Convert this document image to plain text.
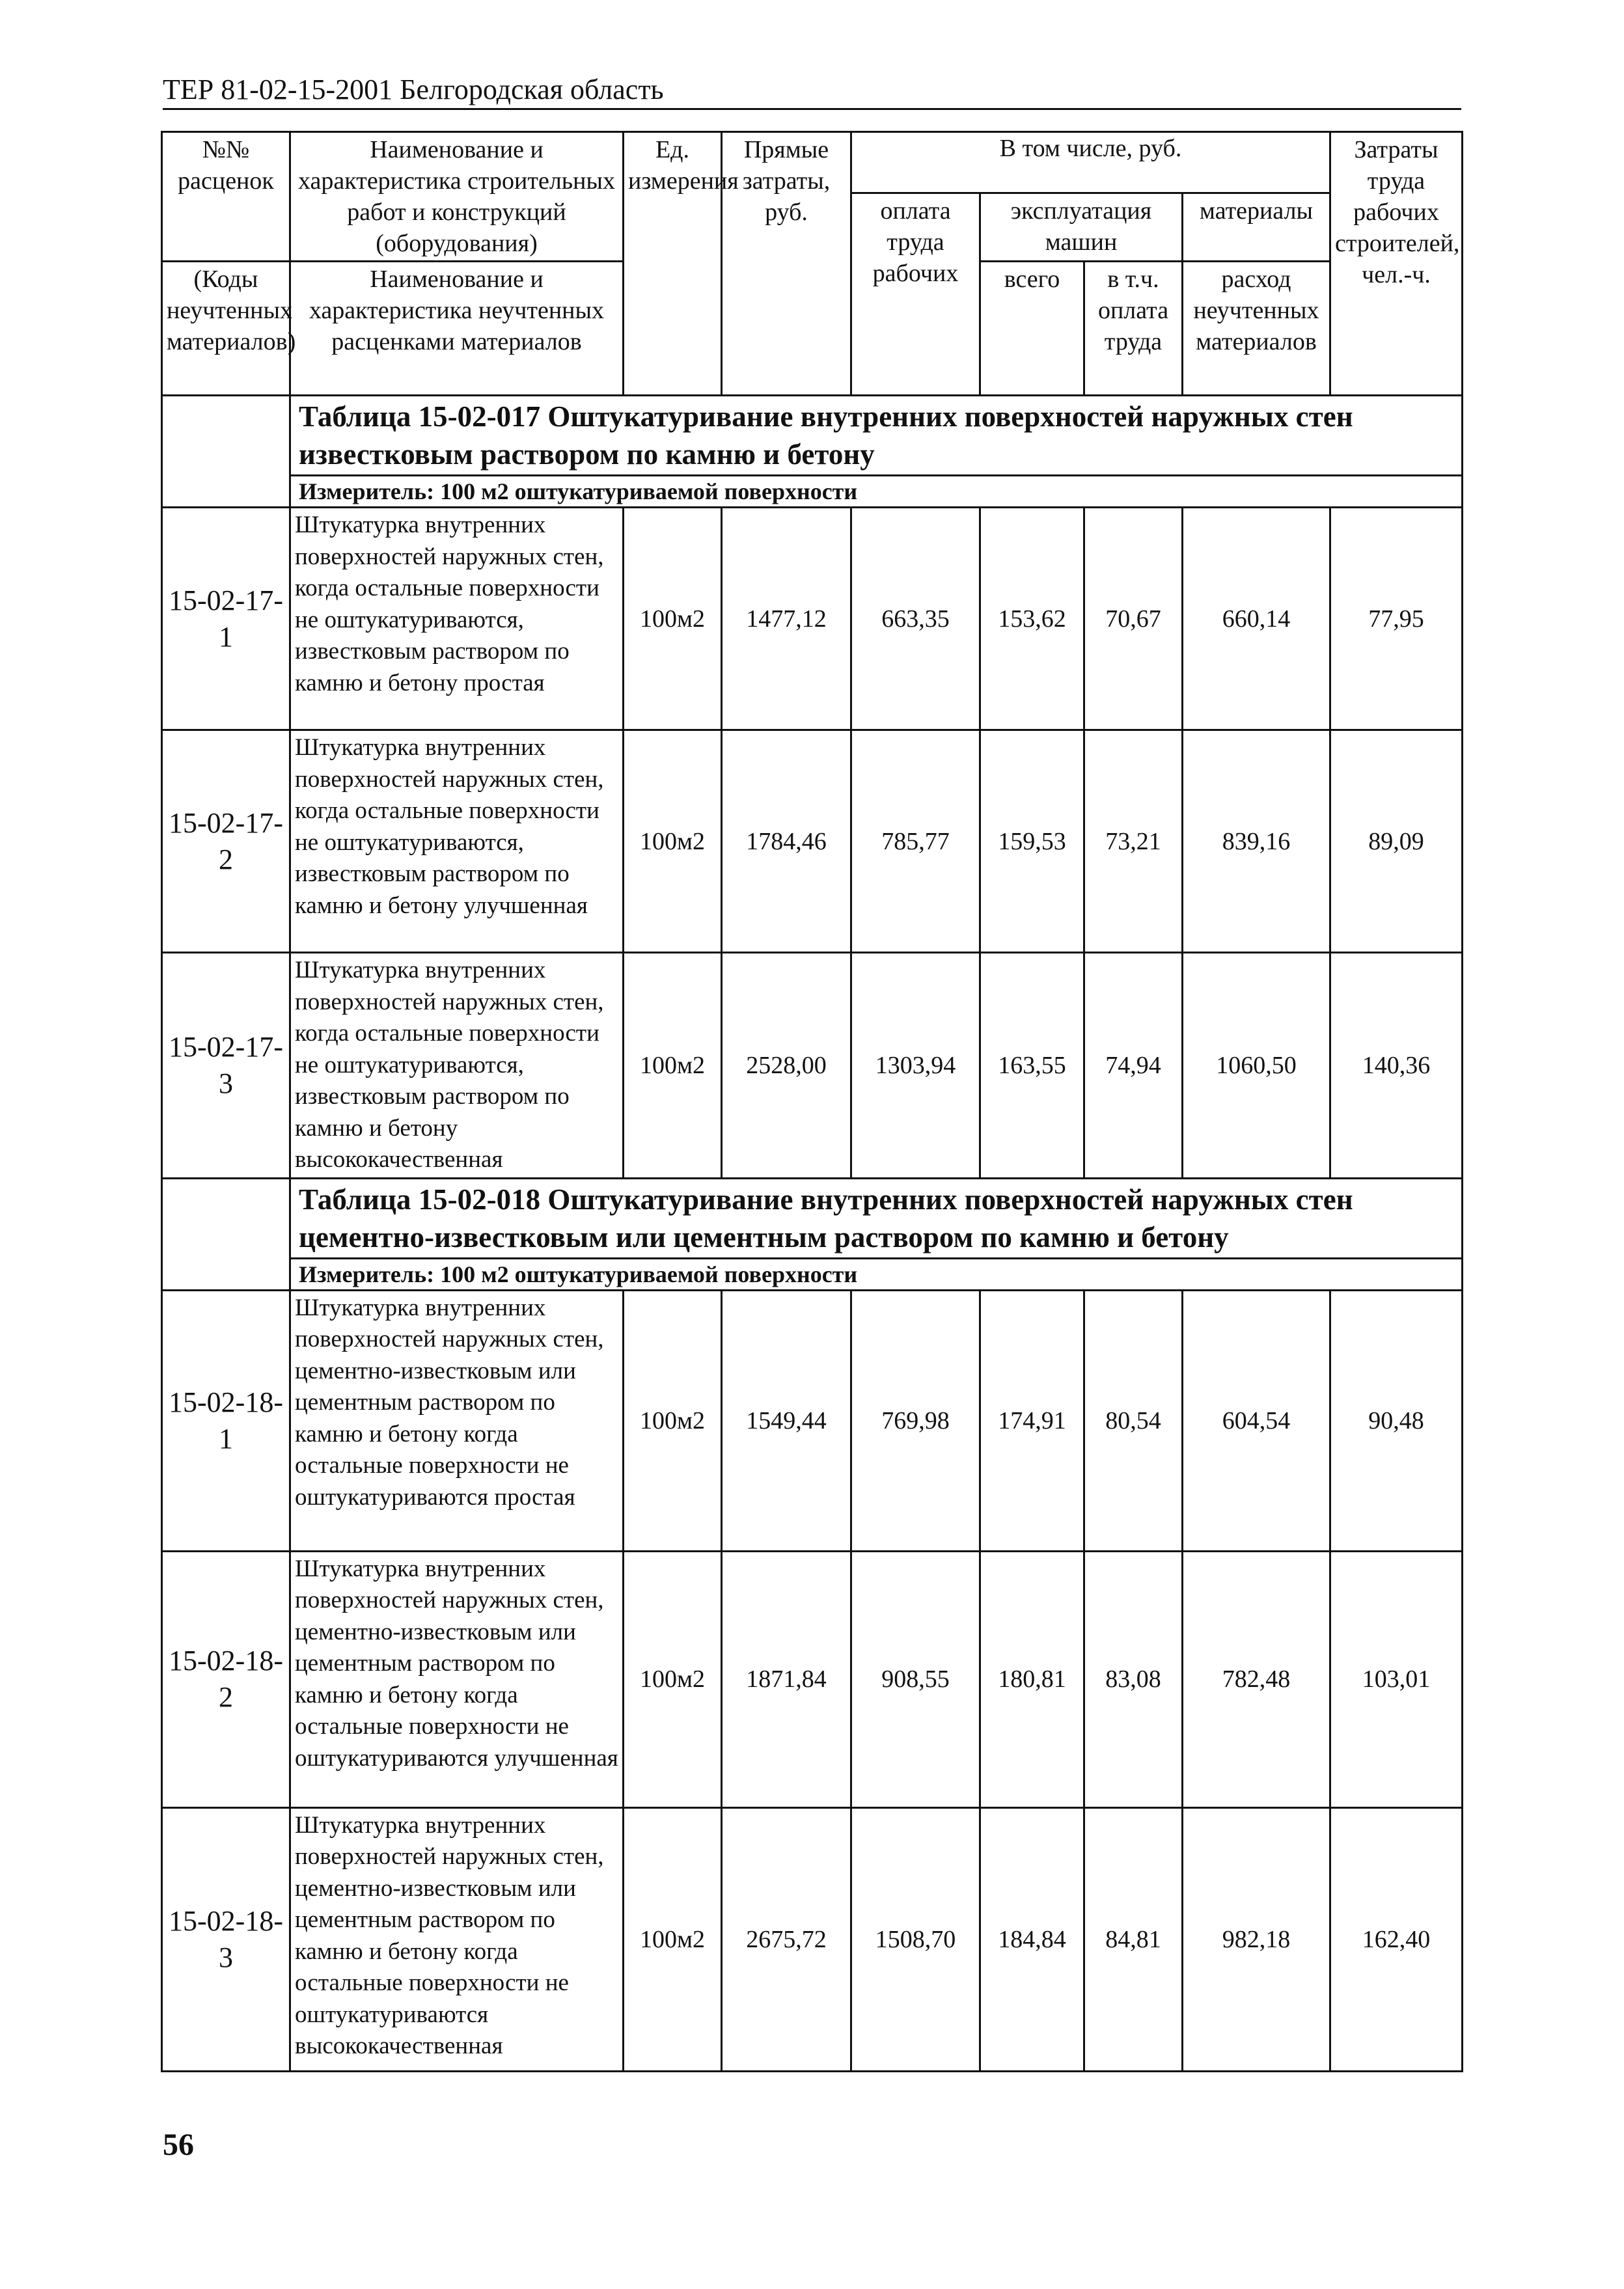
ТЕР 81-02-15-2001 Белгородская область
№№ расценок	Наименование и характеристика строительных работ и конструкций (оборудования)	Ед. измерения	Прямые затраты, руб.	В том числе, руб.				Затраты труда рабочих строителей, чел.-ч.
				оплата труда рабочих	эксплуатация машин		материалы	
(Коды неучтенных материалов)	Наименование и характеристика неучтенных расценками материалов				всего	в т.ч. оплата труда	расход неучтенных материалов	

	Таблица 15-02-017 Оштукатуривание внутренних поверхностей наружных стен известковым раствором по камню и бетону							
	Измеритель: 100 м2 оштукатуриваемой поверхности							
15-02-17-1	Штукатурка внутренних поверхностей наружных стен, когда остальные поверхности не оштукатуриваются, известковым раствором по камню и бетону простая	100м2	1477,12	663,35	153,62	70,67	660,14	77,95
15-02-17-2	Штукатурка внутренних поверхностей наружных стен, когда остальные поверхности не оштукатуриваются, известковым раствором по камню и бетону улучшенная	100м2	1784,46	785,77	159,53	73,21	839,16	89,09
15-02-17-3	Штукатурка внутренних поверхностей наружных стен, когда остальные поверхности не оштукатуриваются, известковым раствором по камню и бетону высококачественная	100м2	2528,00	1303,94	163,55	74,94	1060,50	140,36
	Таблица 15-02-018 Оштукатуривание внутренних поверхностей наружных стен цементно-известковым или цементным раствором по камню и бетону							
	Измеритель: 100 м2 оштукатуриваемой поверхности							
15-02-18-1	Штукатурка внутренних поверхностей наружных стен, цементно-известковым или цементным раствором по камню и бетону когда остальные поверхности не оштукатуриваются простая	100м2	1549,44	769,98	174,91	80,54	604,54	90,48
15-02-18-2	Штукатурка внутренних поверхностей наружных стен, цементно-известковым или цементным раствором по камню и бетону когда остальные поверхности не оштукатуриваются улучшенная	100м2	1871,84	908,55	180,81	83,08	782,48	103,01
15-02-18-3	Штукатурка внутренних поверхностей наружных стен, цементно-известковым или цементным раствором по камню и бетону когда остальные поверхности не оштукатуриваются высококачественная	100м2	2675,72	1508,70	184,84	84,81	982,18	162,40
56
